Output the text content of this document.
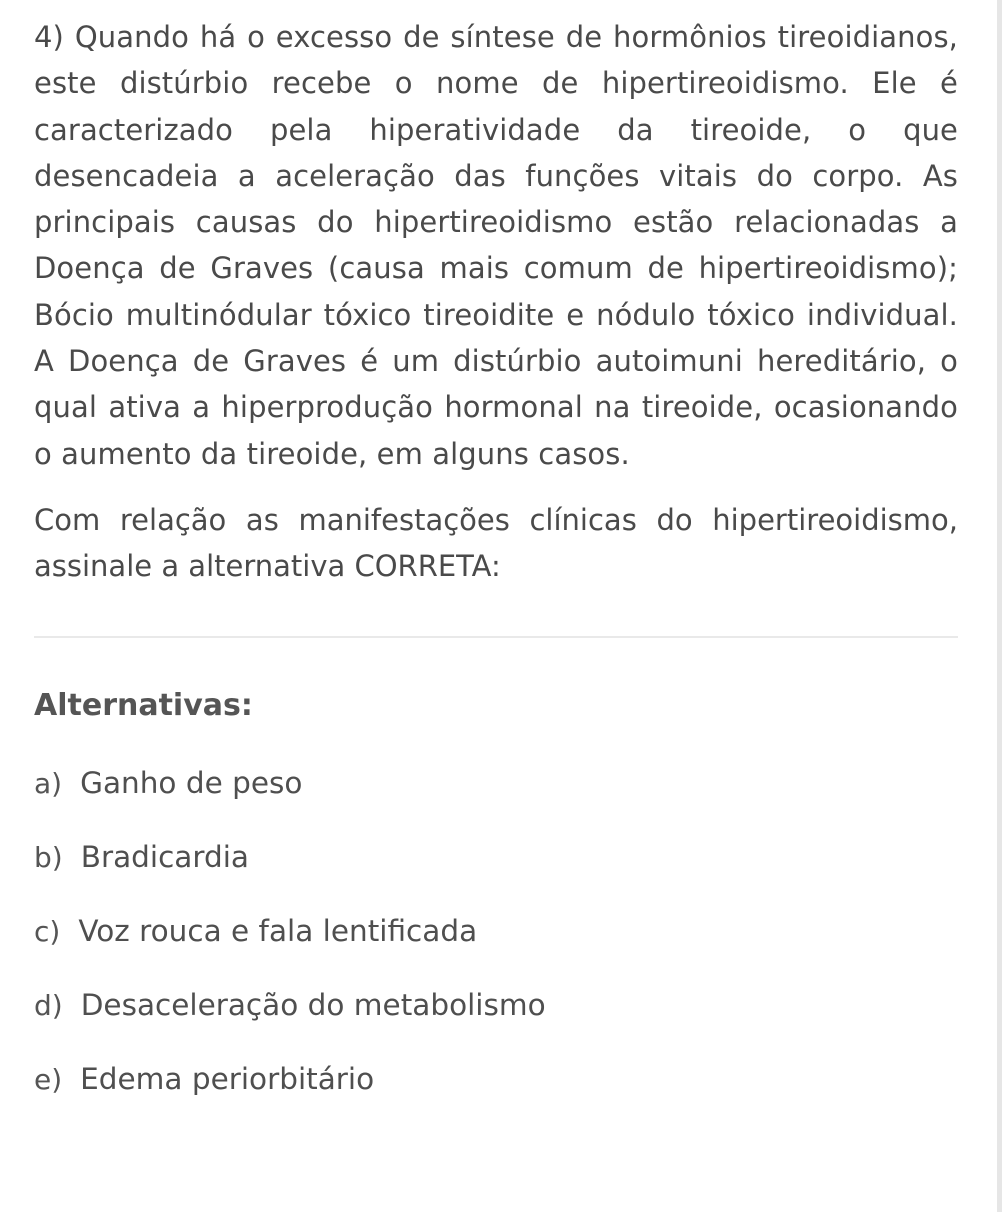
4) Quando há o excesso de síntese de hormônios tireoidianos, este distúrbio recebe o nome de hipertireoidismo. Ele é caracterizado pela hiperatividade da tireoide, o que desencadeia a aceleração das funções vitais do corpo. As principais causas do hipertireoidismo estão relacionadas a Doença de Graves (causa mais comum de hipertireoidismo); Bócio multinódular tóxico tireoidite e nódulo tóxico individual. A Doença de Graves é um distúrbio autoimuni hereditário, o qual ativa a hiperprodução hormonal na tireoide, ocasionando o aumento da tireoide, em alguns casos.

Com relação as manifestações clínicas do hipertireoidismo, assinale a alternativa CORRETA:

Alternativas:
a) Ganho de peso
b) Bradicardia
c) Voz rouca e fala lentificada
d) Desaceleração do metabolismo
e) Edema periorbitário
